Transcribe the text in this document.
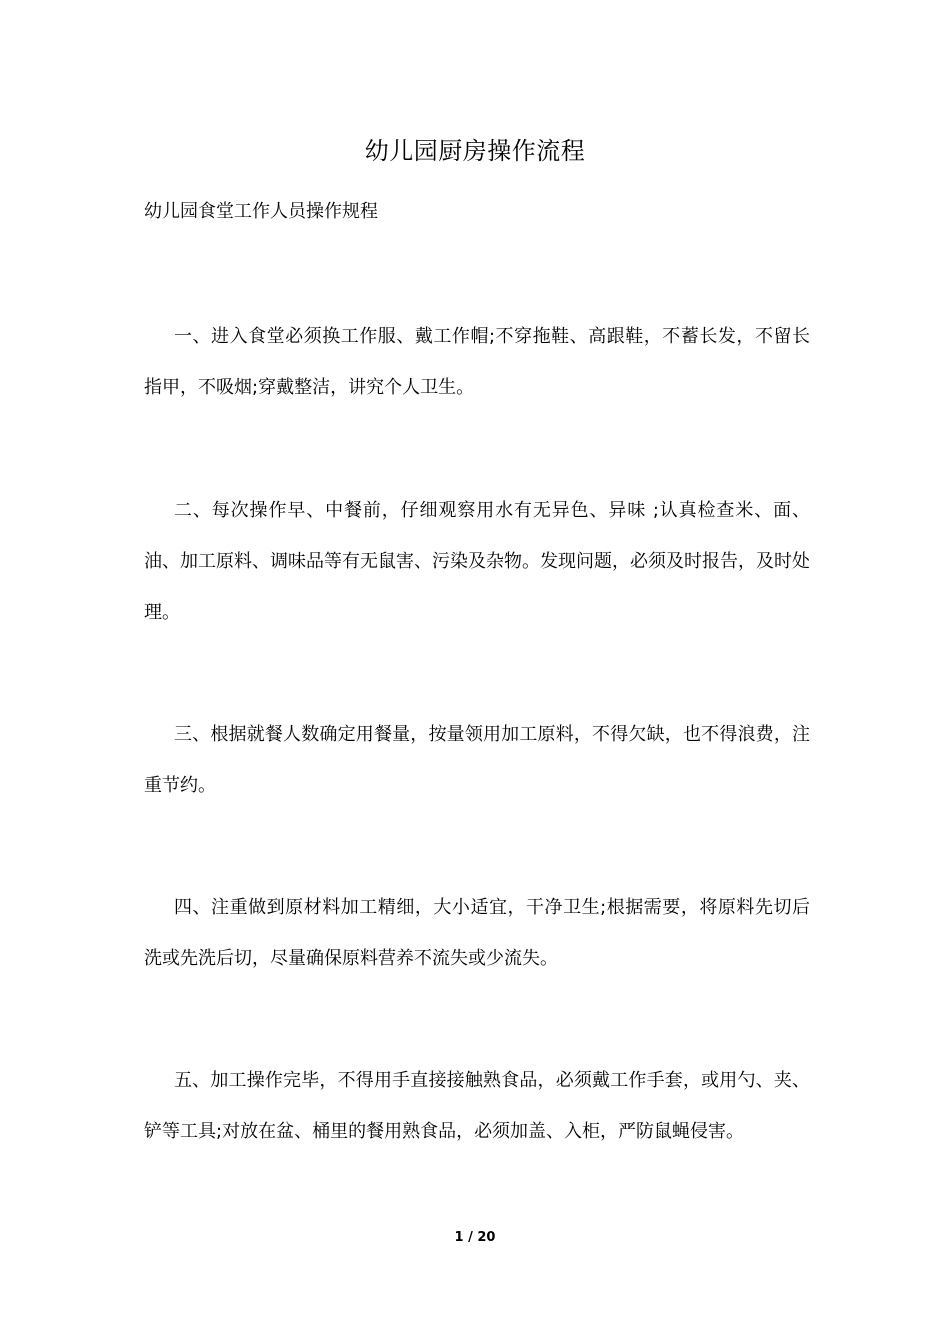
幼儿园厨房操作流程
幼儿园食堂工作人员操作规程

一、进入食堂必须换工作服、戴工作帽;不穿拖鞋、高跟鞋，不蓄长发，不留长指甲，不吸烟;穿戴整洁，讲究个人卫生。

二、每次操作早、中餐前，仔细观察用水有无异色、异味 ;认真检查米、面、油、加工原料、调味品等有无鼠害、污染及杂物。发现问题，必须及时报告，及时处理。

三、根据就餐人数确定用餐量，按量领用加工原料，不得欠缺，也不得浪费，注重节约。

四、注重做到原材料加工精细，大小适宜，干净卫生;根据需要，将原料先切后洗或先洗后切，尽量确保原料营养不流失或少流失。

五、加工操作完毕，不得用手直接接触熟食品，必须戴工作手套，或用勺、夹、铲等工具;对放在盆、桶里的餐用熟食品，必须加盖、入柜，严防鼠蝇侵害。

1 / 20
